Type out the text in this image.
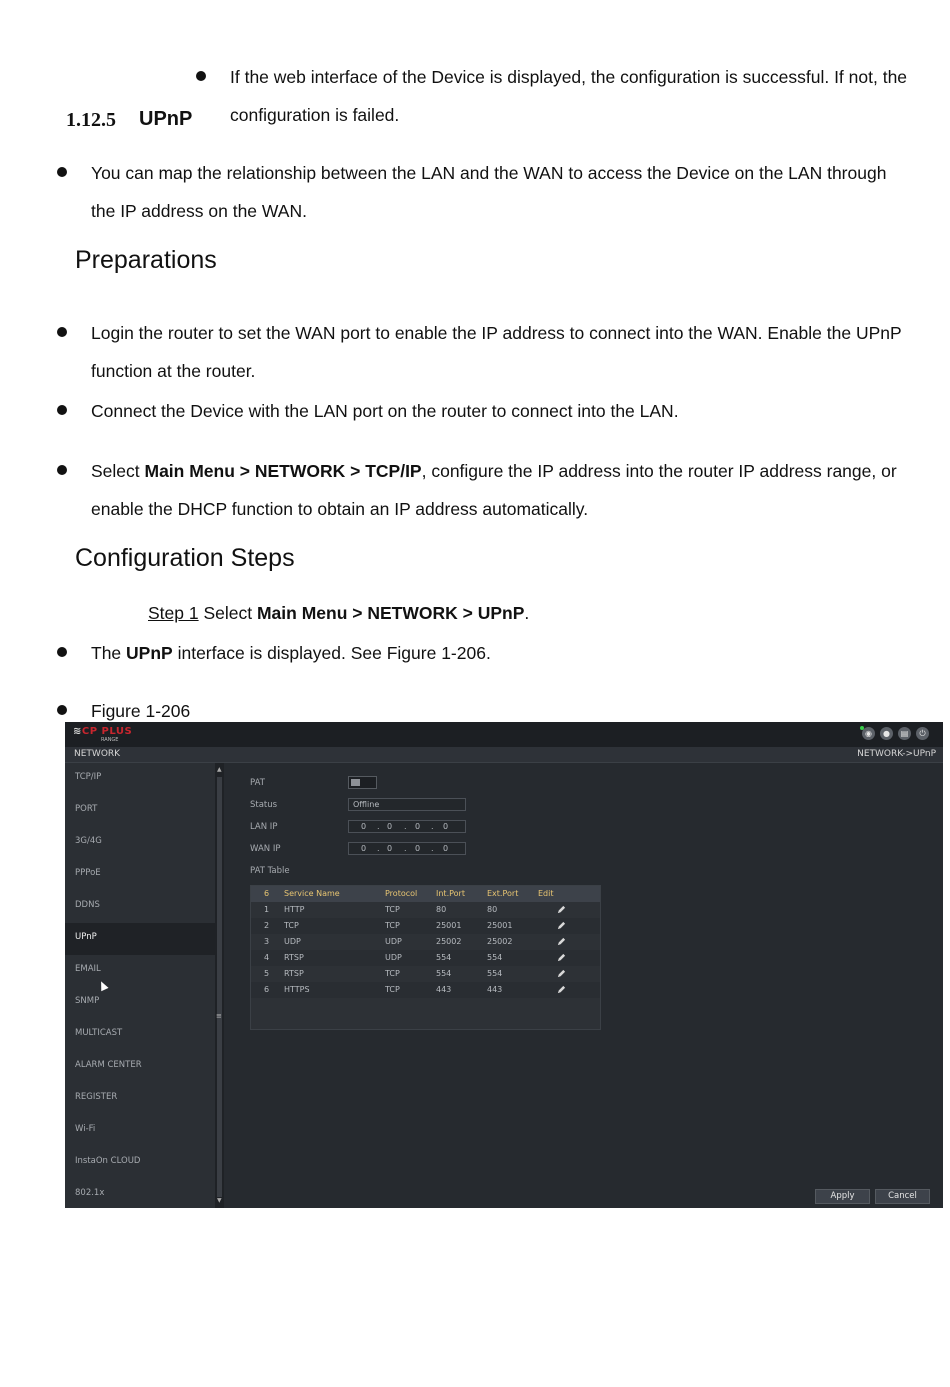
If the web interface of the Device is displayed, the configuration is successful. If not, the
configuration is failed.
1.12.5 UPnP
You can map the relationship between the LAN and the WAN to access the Device on the LAN through
the IP address on the WAN.
Preparations
Login the router to set the WAN port to enable the IP address to connect into the WAN. Enable the UPnP
function at the router.
Connect the Device with the LAN port on the router to connect into the LAN.
Select Main Menu > NETWORK > TCP/IP, configure the IP address into the router IP address range, or
enable the DHCP function to obtain an IP address automatically.
Configuration Steps
Step 1 Select Main Menu > NETWORK > UPnP.
The UPnP interface is displayed. See Figure 1-206.
Figure 1-206
≋CP PLUS
RANGE
◉	●	▤	⏻
NETWORK	NETWORK->UPnP
TCP/IP
PORT
3G/4G
PPPoE
DDNS
UPnP
EMAIL
SNMP
MULTICAST
ALARM CENTER
REGISTER
Wi-Fi
InstaOn CLOUD
802.1x
▲
≡
▼
PAT
Status	Offline
LAN IP	0 . 0 . 0 . 0
WAN IP	0 . 0 . 0 . 0
PAT Table
6 Service Name	Protocol Int.Port	Ext.Port Edit
1 HTTP	TCP	80	80
2 TCP	TCP	25001	25001
3 UDP	UDP	25002	25002
4 RTSP	UDP	554	554
5 RTSP	TCP	554	554
6 HTTPS	TCP	443	443
Apply	Cancel
